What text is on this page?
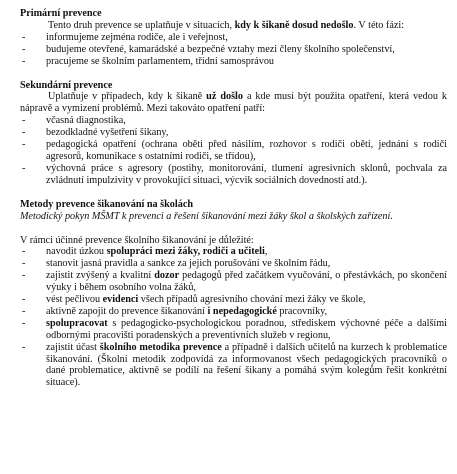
Primární prevence
Tento druh prevence se uplatňuje v situacích, kdy k šikaně dosud nedošlo. V této fázi:
- informujeme zejména rodiče, ale i veřejnost,
- budujeme otevřené, kamarádské a bezpečné vztahy mezi členy školního společenství,
- pracujeme se školním parlamentem, třídní samosprávou
Sekundární prevence
Uplatňuje v případech, kdy k šikaně už došlo a kde musí být použita opatření, která vedou k nápravě a vymizení problémů. Mezi takováto opatření patří:
- včasná diagnostika,
- bezodkladné vyšetření šikany,
- pedagogická opatření (ochrana oběti před násilím, rozhovor s rodiči oběti, jednání s rodiči agresorů, komunikace s ostatními rodiči, se třídou),
- výchovná práce s agresory (postihy, monitorování, tlumení agresivních sklonů, pochvala za zvládnutí impulzivity v provokující situaci, výcvik sociálních dovedností atd.).
Metody prevence šikanování na školách
Metodický pokyn MŠMT k prevenci a řešení šikanování mezi žáky škol a školských zařízení.
V rámci účinné prevence školního šikanování je důležité:
- navodit úzkou spolupráci mezi žáky, rodiči a učiteli,
- stanovit jasná pravidla a sankce za jejich porušování ve školním řádu,
- zajistit zvýšený a kvalitní dozor pedagogů před začátkem vyučování, o přestávkách, po skončení výuky i během osobního volna žáků,
- vést pečlivou evidenci všech případů agresivního chování mezi žáky ve škole,
- aktivně zapojit do prevence šikanování i nepedagogické pracovníky,
- spolupracovat s pedagogicko-psychologickou poradnou, střediskem výchovné péče a dalšími odbornými pracovišti poradenských a preventivních služeb v regionu,
- zajistit účast školního metodika prevence a případně i dalších učitelů na kurzech k problematice šikanování. (Školní metodik zodpovídá za informovanost všech pedagogických pracovníků o dané problematice, aktivně se podílí na řešení šikany a pomáhá svým kolegům řešit konkrétní situace).
